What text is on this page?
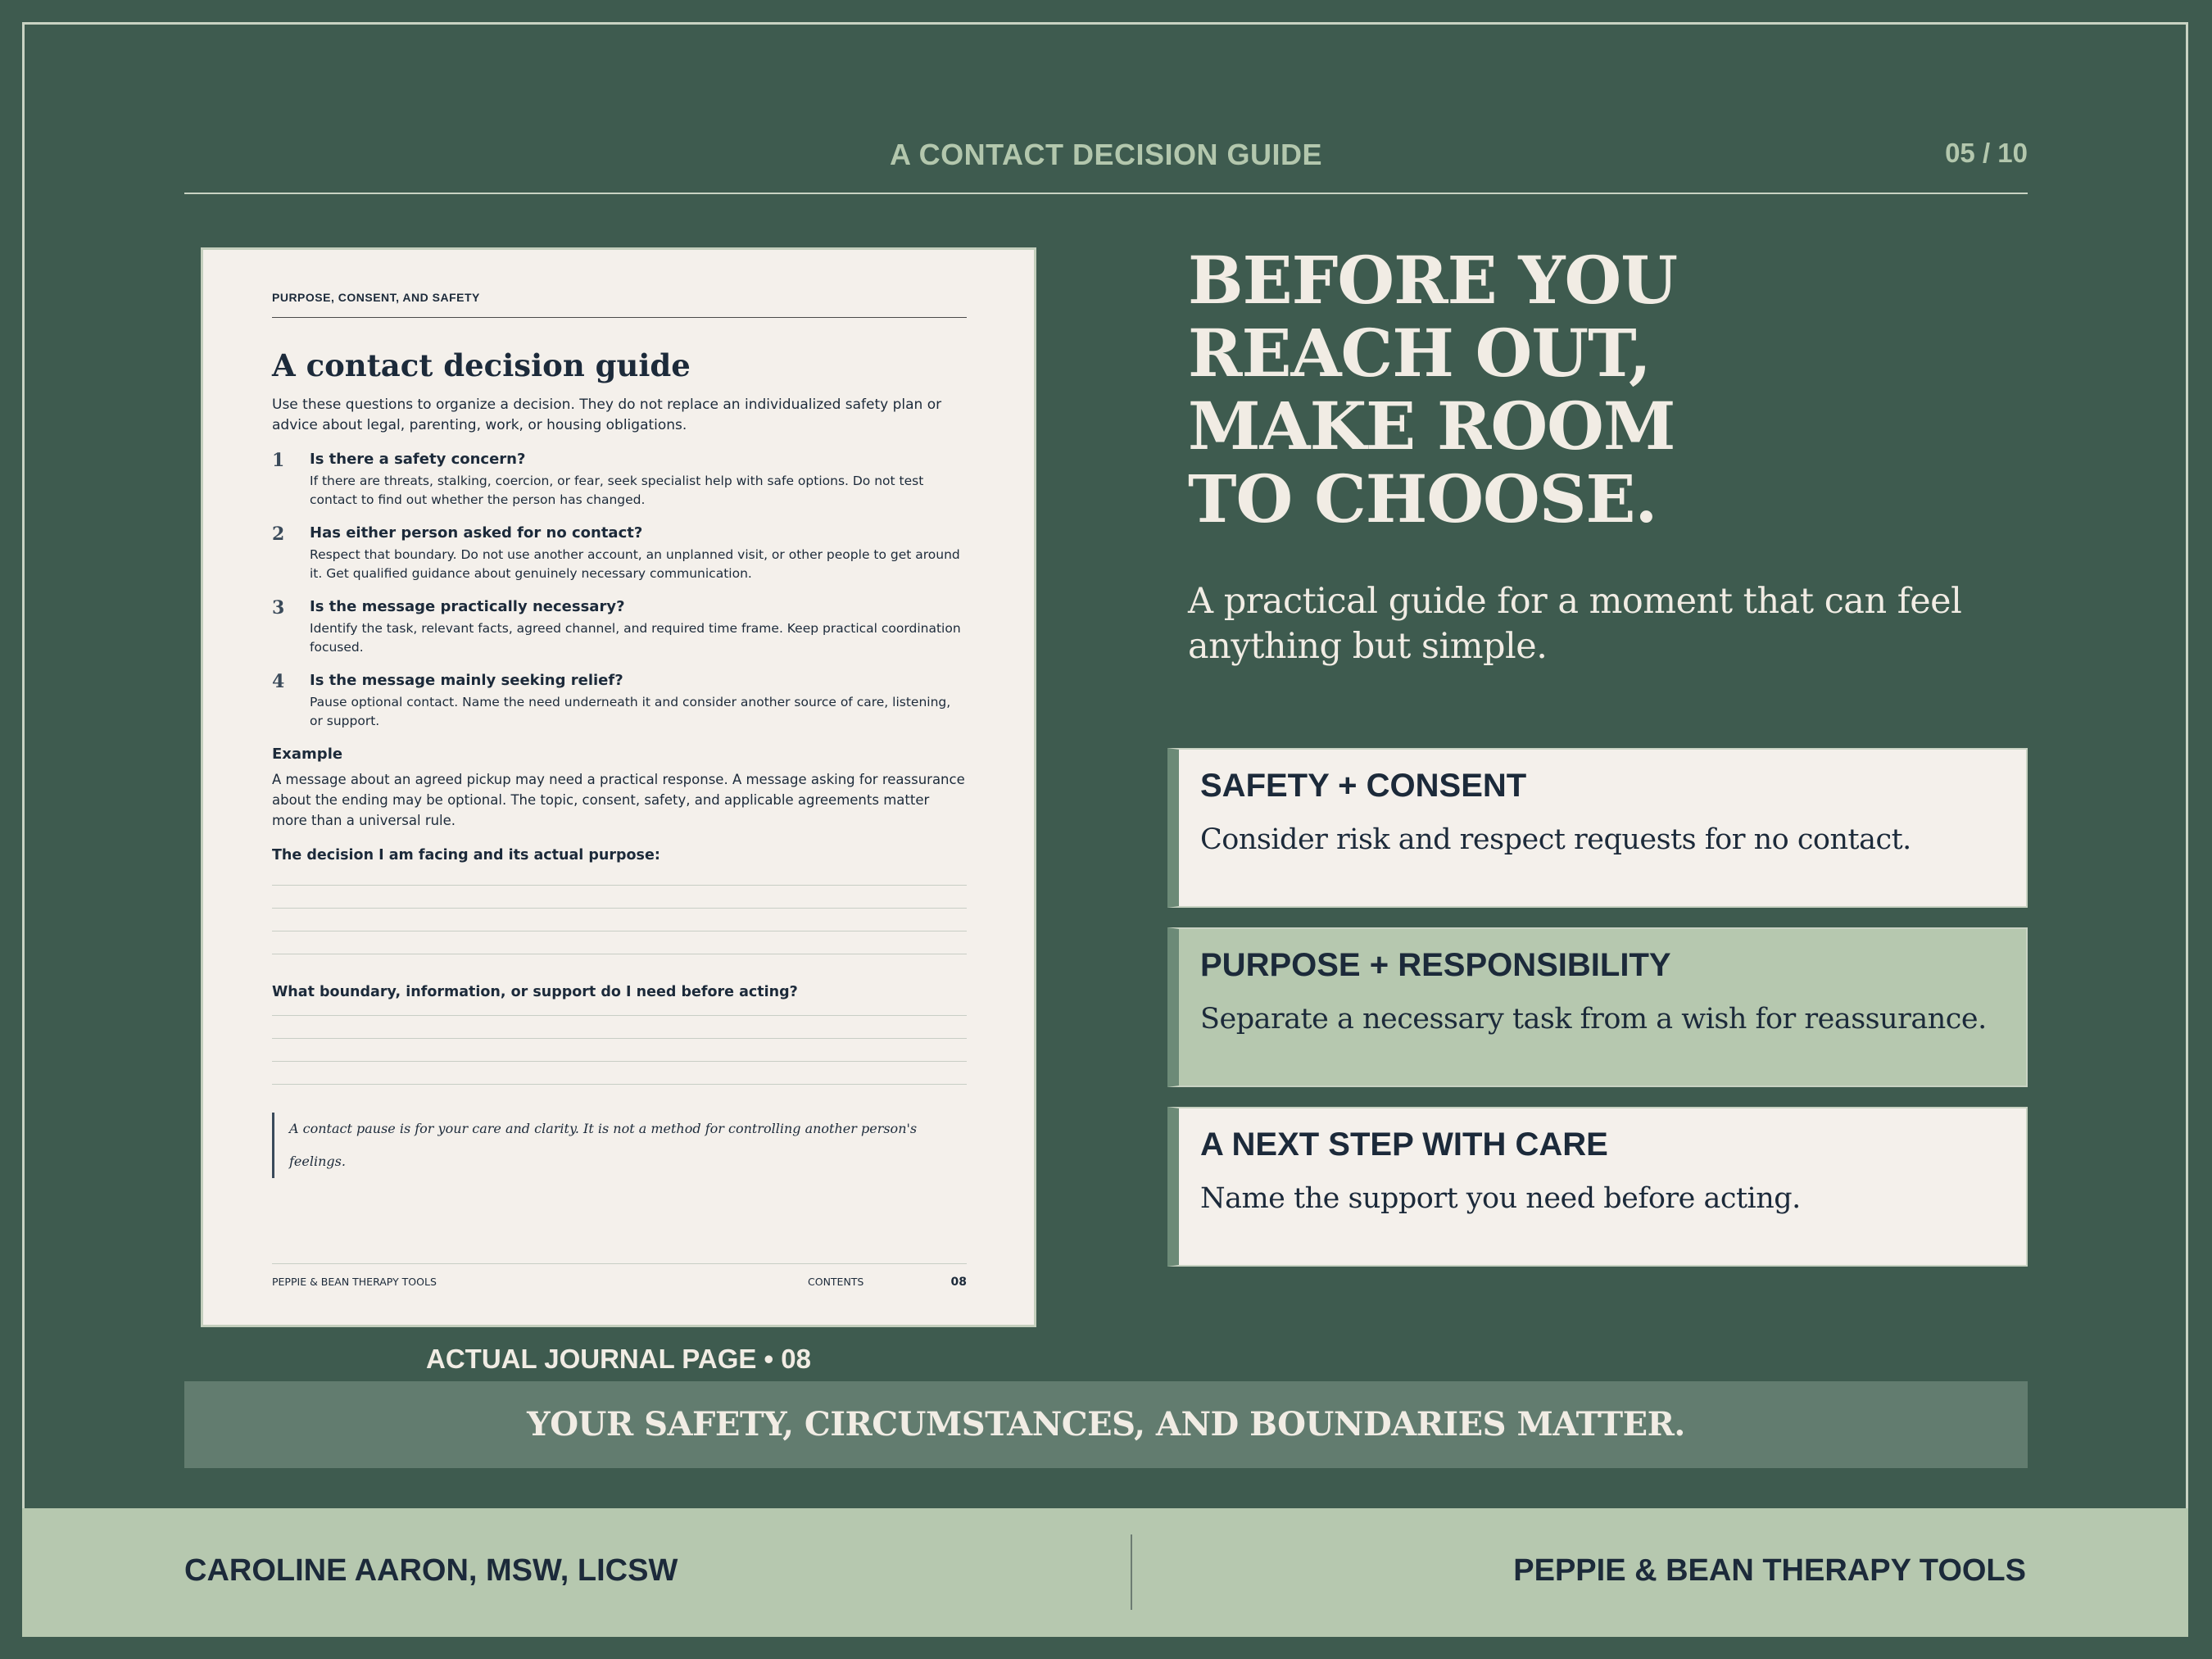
A CONTACT DECISION GUIDE	05 / 10
PURPOSE, CONSENT, AND SAFETY
A contact decision guide
Use these questions to organize a decision. They do not replace an individualized safety plan or advice about legal, parenting, work, or housing obligations.
1 Is there a safety concern?
If there are threats, stalking, coercion, or fear, seek specialist help with safe options. Do not test contact to find out whether the person has changed.
2 Has either person asked for no contact?
Respect that boundary. Do not use another account, an unplanned visit, or other people to get around it. Get qualified guidance about genuinely necessary communication.
3 Is the message practically necessary?
Identify the task, relevant facts, agreed channel, and required time frame. Keep practical coordination focused.
4 Is the message mainly seeking relief?
Pause optional contact. Name the need underneath it and consider another source of care, listening, or support.
Example
A message about an agreed pickup may need a practical response. A message asking for reassurance about the ending may be optional. The topic, consent, safety, and applicable agreements matter more than a universal rule.
The decision I am facing and its actual purpose:
What boundary, information, or support do I need before acting?
A contact pause is for your care and clarity. It is not a method for controlling another person's feelings.
PEPPIE & BEAN THERAPY TOOLS	CONTENTS	08
ACTUAL JOURNAL PAGE • 08
BEFORE YOU
REACH OUT,
MAKE ROOM
TO CHOOSE.
A practical guide for a moment that can feel anything but simple.
SAFETY + CONSENT
Consider risk and respect requests for no contact.
PURPOSE + RESPONSIBILITY
Separate a necessary task from a wish for reassurance.
A NEXT STEP WITH CARE
Name the support you need before acting.
YOUR SAFETY, CIRCUMSTANCES, AND BOUNDARIES MATTER.
CAROLINE AARON, MSW, LICSW	PEPPIE & BEAN THERAPY TOOLS
